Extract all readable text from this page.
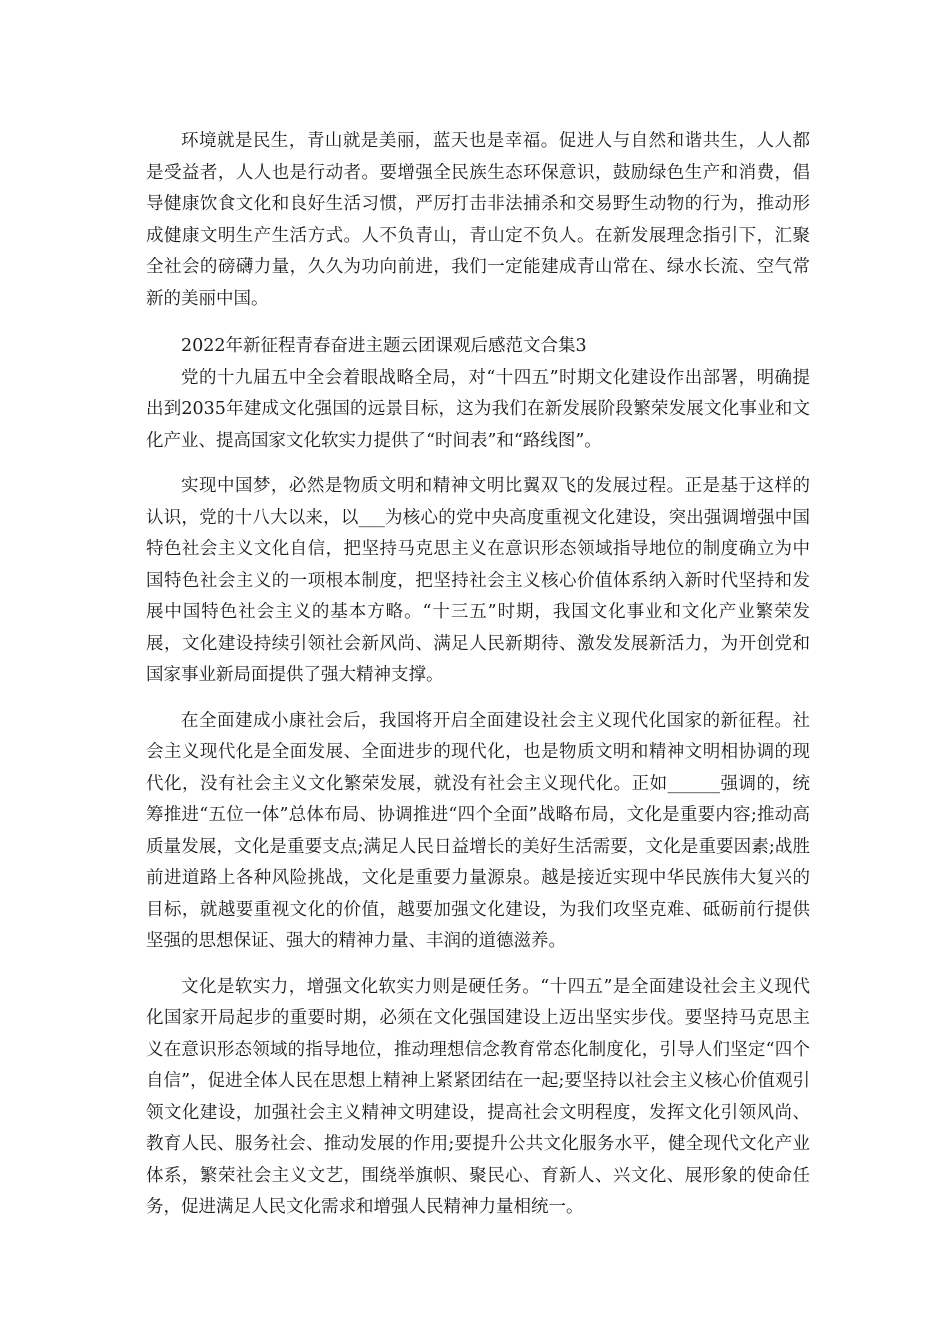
环境就是民生，青山就是美丽，蓝天也是幸福。促进人与自然和谐共生，人人都是受益者，人人也是行动者。要增强全民族生态环保意识，鼓励绿色生产和消费，倡导健康饮食文化和良好生活习惯，严厉打击非法捕杀和交易野生动物的行为，推动形成健康文明生产生活方式。人不负青山，青山定不负人。在新发展理念指引下，汇聚全社会的磅礴力量，久久为功向前进，我们一定能建成青山常在、绿水长流、空气常新的美丽中国。

2022年新征程青春奋进主题云团课观后感范文合集3

党的十九届五中全会着眼战略全局，对“十四五”时期文化建设作出部署，明确提出到2035年建成文化强国的远景目标，这为我们在新发展阶段繁荣发展文化事业和文化产业、提高国家文化软实力提供了“时间表”和“路线图”。

实现中国梦，必然是物质文明和精神文明比翼双飞的发展过程。正是基于这样的认识，党的十八大以来，以___为核心的党中央高度重视文化建设，突出强调增强中国特色社会主义文化自信，把坚持马克思主义在意识形态领域指导地位的制度确立为中国特色社会主义的一项根本制度，把坚持社会主义核心价值体系纳入新时代坚持和发展中国特色社会主义的基本方略。“十三五”时期，我国文化事业和文化产业繁荣发展，文化建设持续引领社会新风尚、满足人民新期待、激发发展新活力，为开创党和国家事业新局面提供了强大精神支撑。

在全面建成小康社会后，我国将开启全面建设社会主义现代化国家的新征程。社会主义现代化是全面发展、全面进步的现代化，也是物质文明和精神文明相协调的现代化，没有社会主义文化繁荣发展，就没有社会主义现代化。正如______强调的，统筹推进“五位一体”总体布局、协调推进“四个全面”战略布局，文化是重要内容;推动高质量发展，文化是重要支点;满足人民日益增长的美好生活需要，文化是重要因素;战胜前进道路上各种风险挑战，文化是重要力量源泉。越是接近实现中华民族伟大复兴的目标，就越要重视文化的价值，越要加强文化建设，为我们攻坚克难、砥砺前行提供坚强的思想保证、强大的精神力量、丰润的道德滋养。

文化是软实力，增强文化软实力则是硬任务。“十四五”是全面建设社会主义现代化国家开局起步的重要时期，必须在文化强国建设上迈出坚实步伐。要坚持马克思主义在意识形态领域的指导地位，推动理想信念教育常态化制度化，引导人们坚定“四个自信”，促进全体人民在思想上精神上紧紧团结在一起;要坚持以社会主义核心价值观引领文化建设，加强社会主义精神文明建设，提高社会文明程度，发挥文化引领风尚、教育人民、服务社会、推动发展的作用;要提升公共文化服务水平，健全现代文化产业体系，繁荣社会主义文艺，围绕举旗帜、聚民心、育新人、兴文化、展形象的使命任务，促进满足人民文化需求和增强人民精神力量相统一。
